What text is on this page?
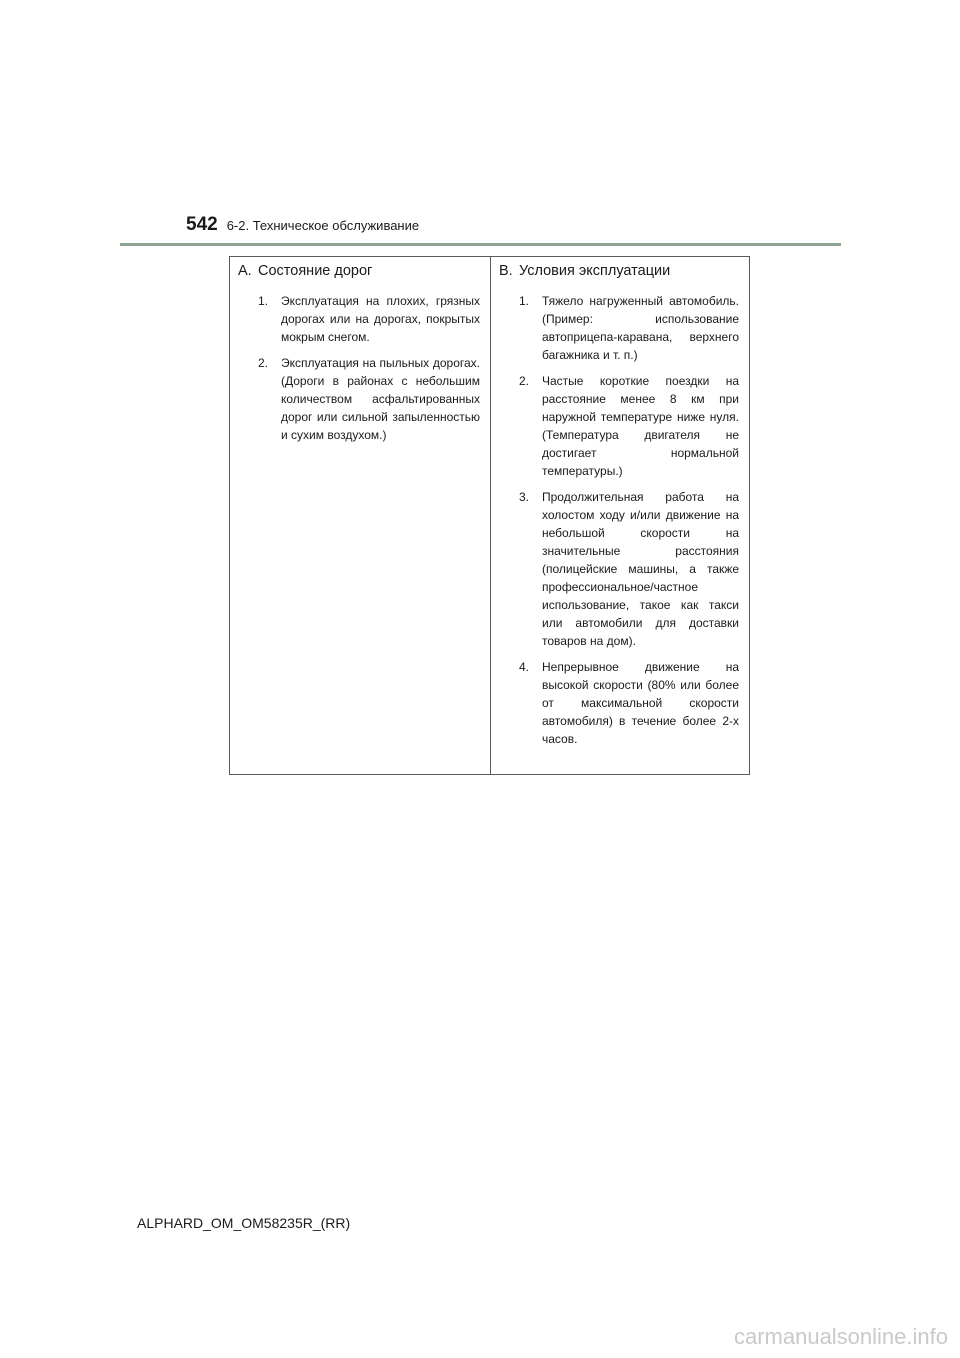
542 6-2. Техническое обслуживание
A. Состояние дорог
1.	Эксплуатация на плохих, грязных дорогах или на дорогах, покрытых мокрым снегом.
2.	Эксплуатация на пыльных дорогах. (Дороги в районах с небольшим количеством асфальтированных дорог или сильной запыленностью и сухим воздухом.)
B. Условия эксплуатации
1.	Тяжело нагруженный автомобиль. (Пример: использование автоприцепа-каравана, верхнего багажника и т. п.)
2.	Частые короткие поездки на расстояние менее 8 км при наружной температуре ниже нуля. (Температура двигателя не достигает нормальной температуры.)
3.	Продолжительная работа на холостом ходу и/или движение на небольшой скорости на значительные расстояния (полицейские машины, а также профессиональное/частное использование, такое как такси или автомобили для доставки товаров на дом).
4.	Непрерывное движение на высокой скорости (80% или более от максимальной скорости автомобиля) в течение более 2-х часов.
ALPHARD_OM_OM58235R_(RR)
carmanualsonline.info
